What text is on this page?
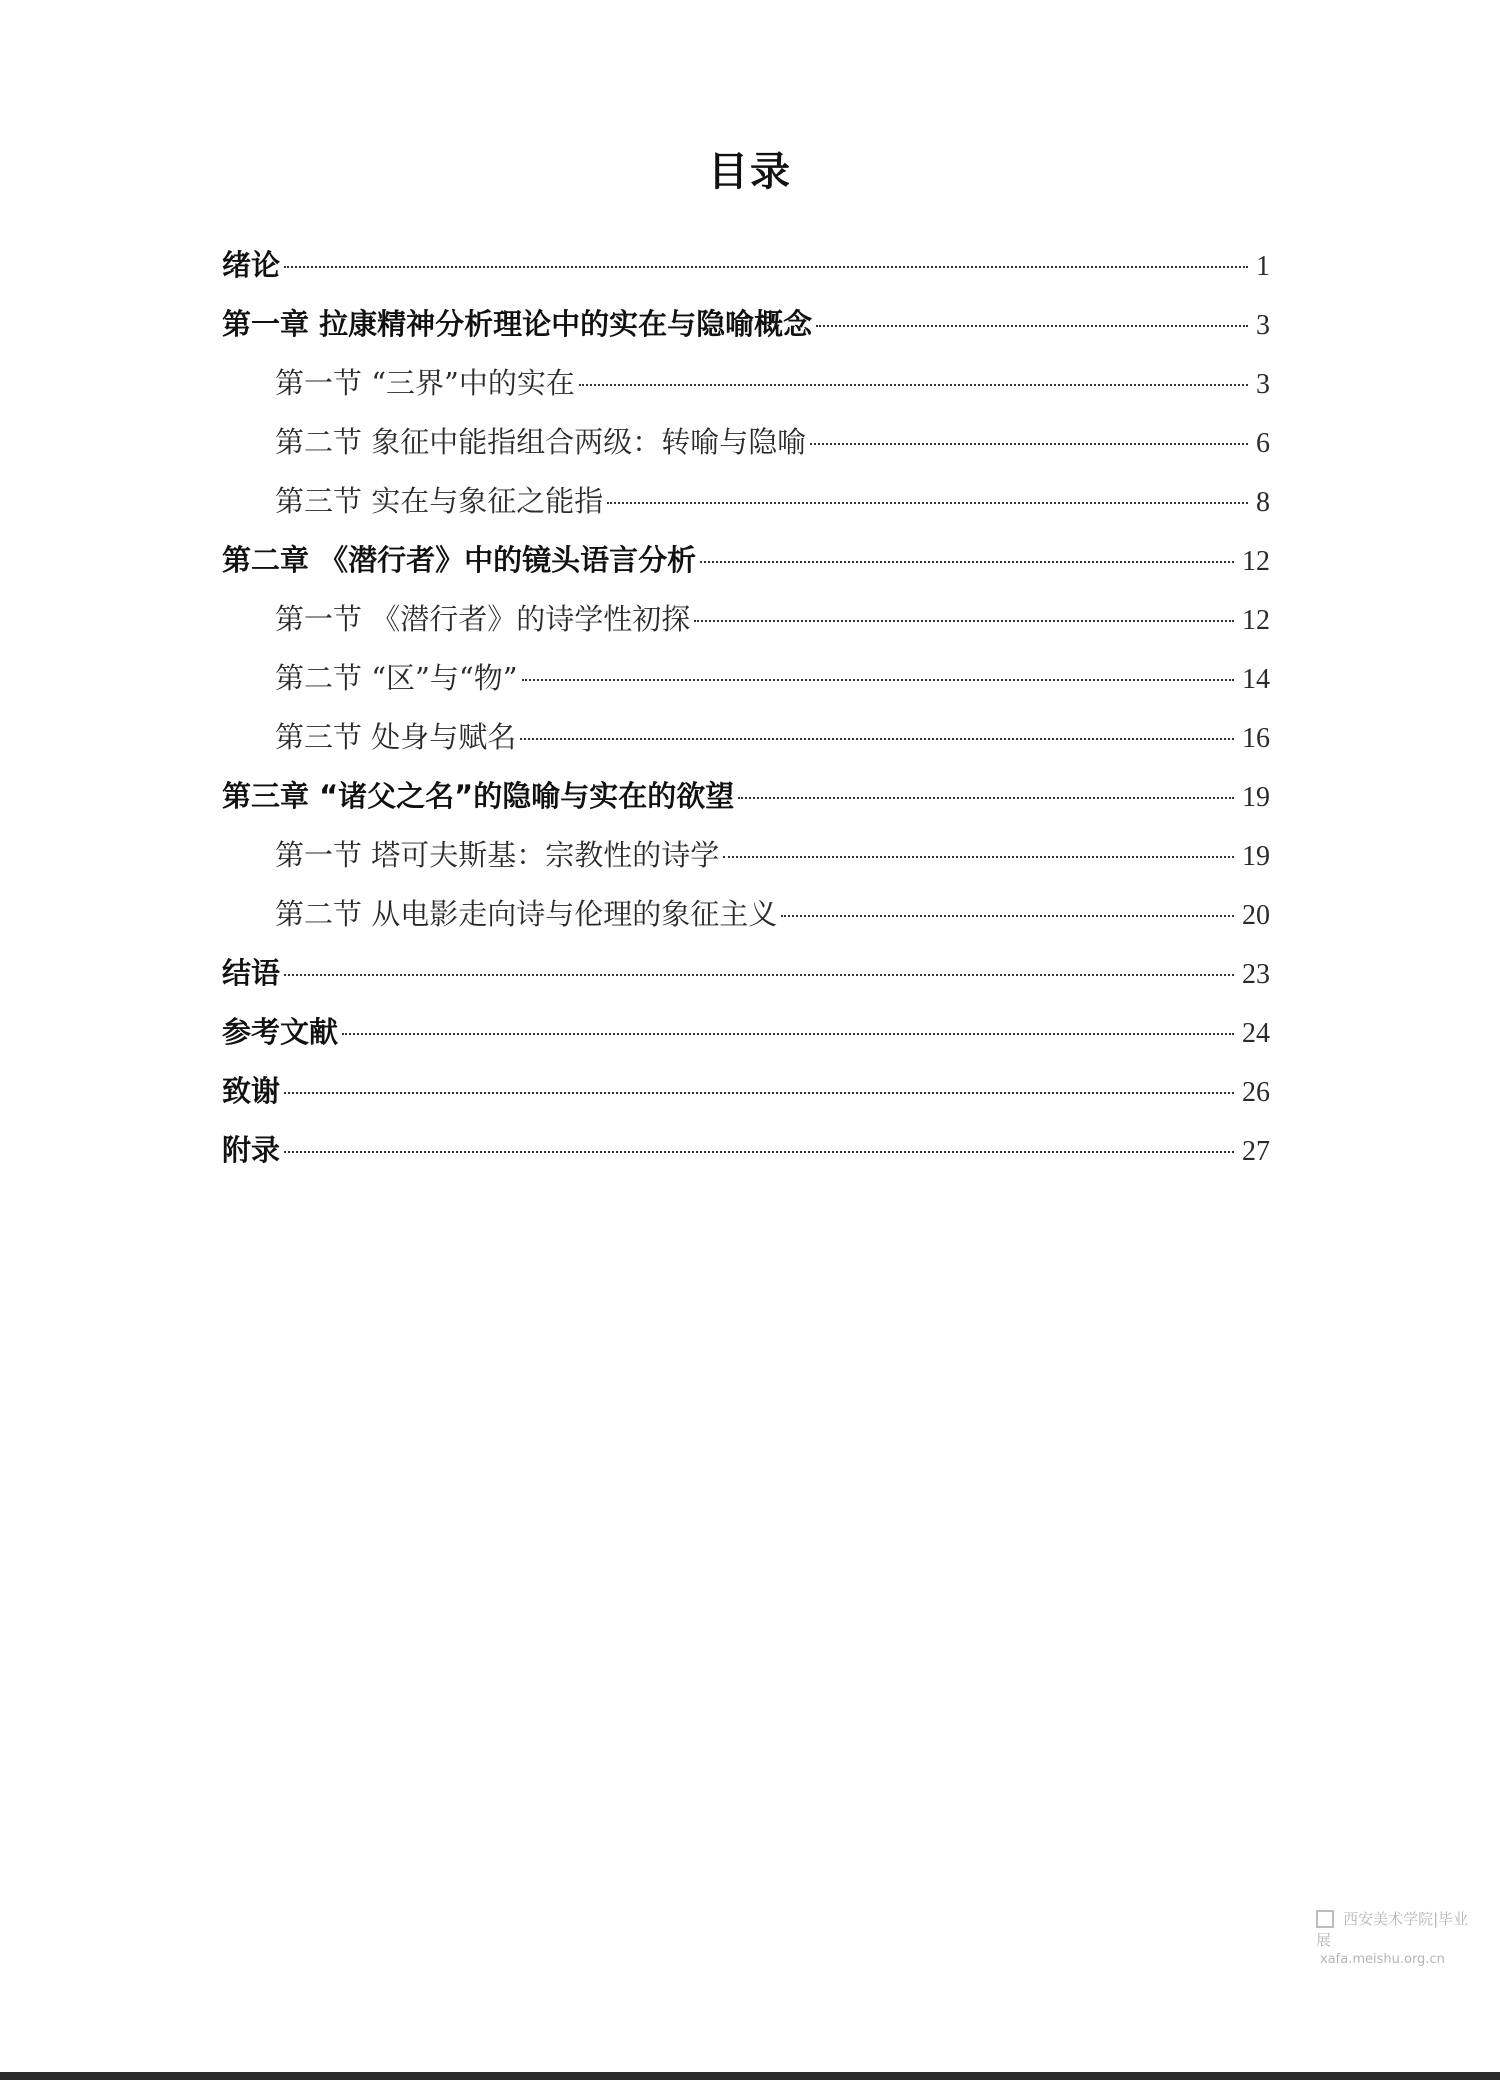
目录
绪论	1
第一章 拉康精神分析理论中的实在与隐喻概念	3
第一节 “三界”中的实在	3
第二节 象征中能指组合两级：转喻与隐喻	6
第三节 实在与象征之能指	8
第二章 《潜行者》中的镜头语言分析	12
第一节 《潜行者》的诗学性初探	12
第二节 “区”与“物”	14
第三节 处身与赋名	16
第三章 “诸父之名”的隐喻与实在的欲望	19
第一节 塔可夫斯基：宗教性的诗学	19
第二节 从电影走向诗与伦理的象征主义	20
结语	23
参考文献	24
致谢	26
附录	27
西安美术学院|毕业展
xafa.meishu.org.cn
